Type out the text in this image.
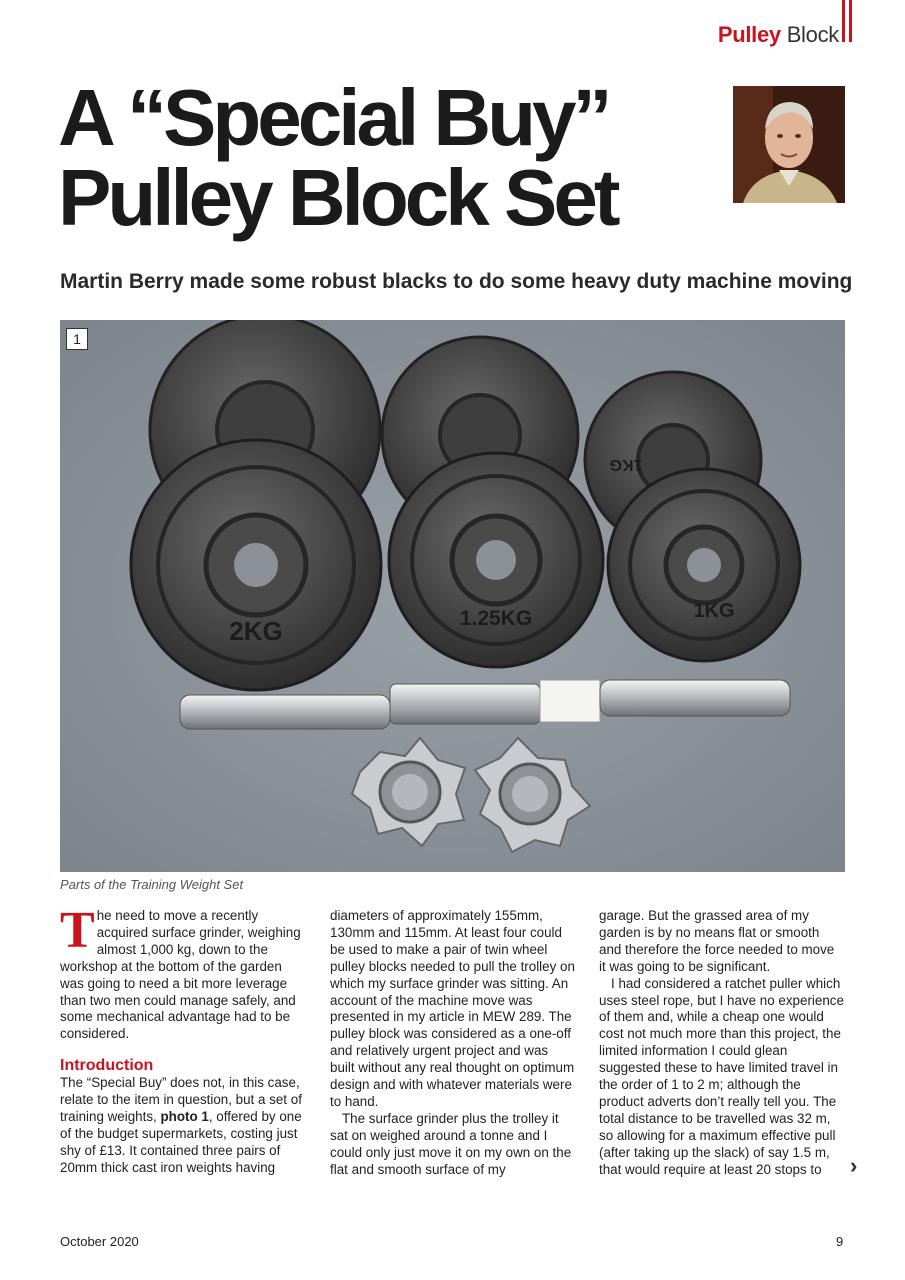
Pulley Block
A “Special Buy”
Pulley Block Set

Martin Berry made some robust blacks to do some heavy duty machine moving

2KG	1.25KG	1KG
1KG
1

Parts of the Training Weight Set

The need to move a recently acquired surface grinder, weighing almost 1,000 kg, down to the workshop at the bottom of the garden was going to need a bit more leverage than two men could manage safely, and some mechanical advantage had to be considered.

Introduction

The “Special Buy” does not, in this case, relate to the item in question, but a set of training weights, photo 1, offered by one of the budget supermarkets, costing just shy of £13. It contained three pairs of 20mm thick cast iron weights having

diameters of approximately 155mm, 130mm and 115mm. At least four could be used to make a pair of twin wheel pulley blocks needed to pull the trolley on which my surface grinder was sitting. An account of the machine move was presented in my article in MEW 289. The pulley block was considered as a one-off and relatively urgent project and was built without any real thought on optimum design and with whatever materials were to hand.

The surface grinder plus the trolley it sat on weighed around a tonne and I could only just move it on my own on the flat and smooth surface of my

garage. But the grassed area of my garden is by no means flat or smooth and therefore the force needed to move it was going to be significant.

I had considered a ratchet puller which uses steel rope, but I have no experience of them and, while a cheap one would cost not much more than this project, the limited information I could glean suggested these to have limited travel in the order of 1 to 2 m; although the product adverts don’t really tell you. The total distance to be travelled was 32 m, so allowing for a maximum effective pull (after taking up the slack) of say 1.5 m, that would require at least 20 stops to	›
October 2020	9
